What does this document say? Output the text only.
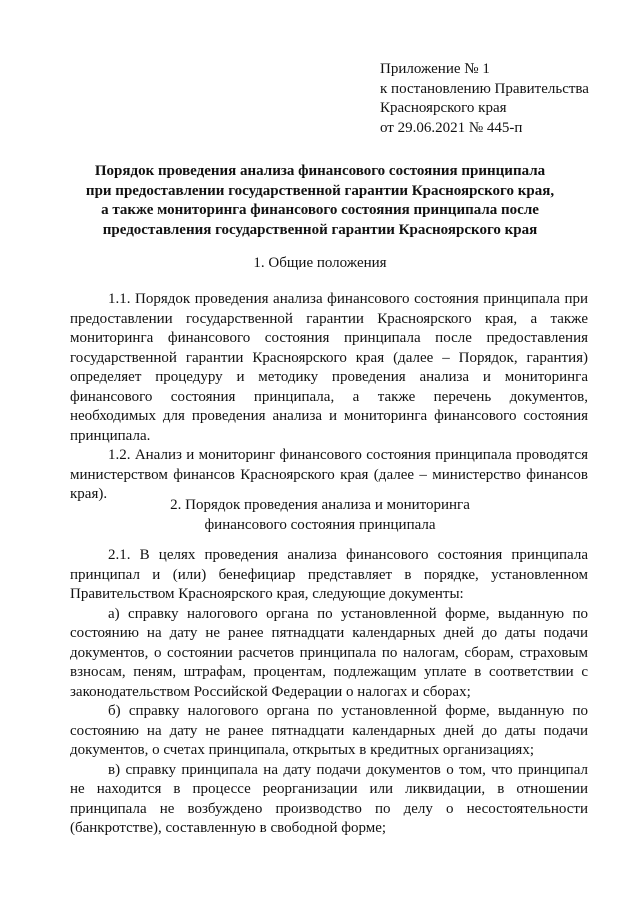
Приложение № 1
к постановлению Правительства
Красноярского края
от 29.06.2021 № 445-п
Порядок проведения анализа финансового состояния принципала
при предоставлении государственной гарантии Красноярского края,
а также мониторинга финансового состояния принципала после
предоставления государственной гарантии Красноярского края
1. Общие положения

1.1. Порядок проведения анализа финансового состояния принципала при предоставлении государственной гарантии Красноярского края, а также мониторинга финансового состояния принципала после предоставления государственной гарантии Красноярского края (далее – Порядок, гарантия) определяет процедуру и методику проведения анализа и мониторинга финансового состояния принципала, а также перечень документов, необходимых для проведения анализа и мониторинга финансового состояния принципала.

1.2. Анализ и мониторинг финансового состояния принципала проводятся министерством финансов Красноярского края (далее – министерство финансов края).

2. Порядок проведения анализа и мониторинга
финансового состояния принципала

2.1. В целях проведения анализа финансового состояния принципала принципал и (или) бенефициар представляет в порядке, установленном Правительством Красноярского края, следующие документы:

а) справку налогового органа по установленной форме, выданную по состоянию на дату не ранее пятнадцати календарных дней до даты подачи документов, о состоянии расчетов принципала по налогам, сборам, страховым взносам, пеням, штрафам, процентам, подлежащим уплате в соответствии с законодательством Российской Федерации о налогах и сборах;

б) справку налогового органа по установленной форме, выданную по состоянию на дату не ранее пятнадцати календарных дней до даты подачи документов, о счетах принципала, открытых в кредитных организациях;

в) справку принципала на дату подачи документов о том, что принципал не находится в процессе реорганизации или ликвидации, в отношении принципала не возбуждено производство по делу о несостоятельности (банкротстве), составленную в свободной форме;
